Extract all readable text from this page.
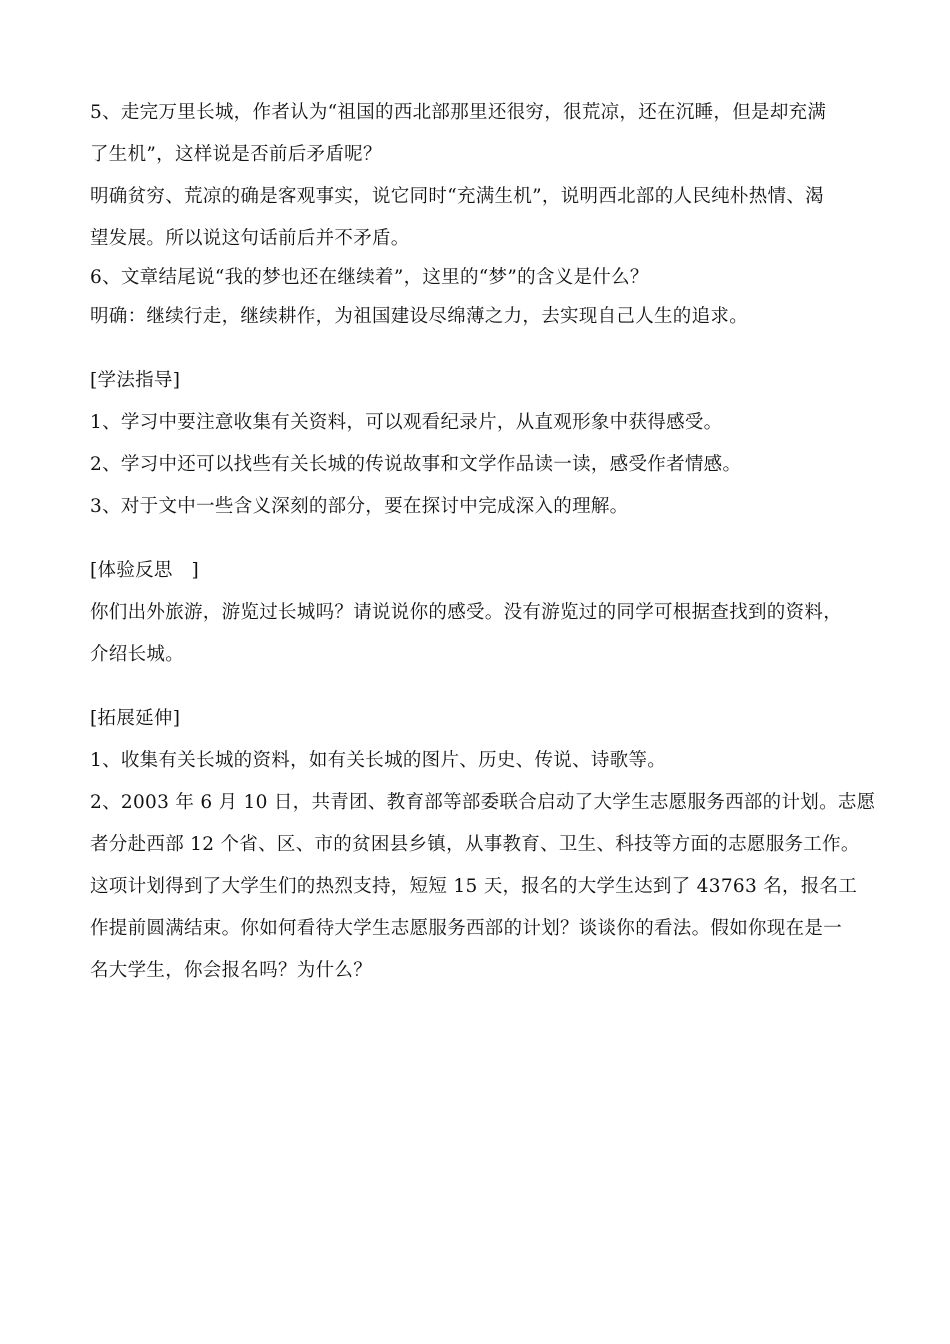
5、走完万里长城，作者认为“祖国的西北部那里还很穷，很荒凉，还在沉睡，但是却充满
了生机”，这样说是否前后矛盾呢？
明确贫穷、荒凉的确是客观事实，说它同时“充满生机”，说明西北部的人民纯朴热情、渴
望发展。所以说这句话前后并不矛盾。
6、文章结尾说“我的梦也还在继续着”，这里的“梦”的含义是什么？
明确：继续行走，继续耕作，为祖国建设尽绵薄之力，去实现自己人生的追求。
[学法指导]
1、学习中要注意收集有关资料，可以观看纪录片，从直观形象中获得感受。
2、学习中还可以找些有关长城的传说故事和文学作品读一读，感受作者情感。
3、对于文中一些含义深刻的部分，要在探讨中完成深入的理解。
[体验反思　]
你们出外旅游，游览过长城吗？请说说你的感受。没有游览过的同学可根据查找到的资料，
介绍长城。
[拓展延伸]
1、收集有关长城的资料，如有关长城的图片、历史、传说、诗歌等。
2、2003 年 6 月 10 日，共青团、教育部等部委联合启动了大学生志愿服务西部的计划。志愿
者分赴西部 12 个省、区、市的贫困县乡镇，从事教育、卫生、科技等方面的志愿服务工作。
这项计划得到了大学生们的热烈支持，短短 15 天，报名的大学生达到了 43763 名，报名工
作提前圆满结束。你如何看待大学生志愿服务西部的计划？谈谈你的看法。假如你现在是一
名大学生，你会报名吗？为什么？
